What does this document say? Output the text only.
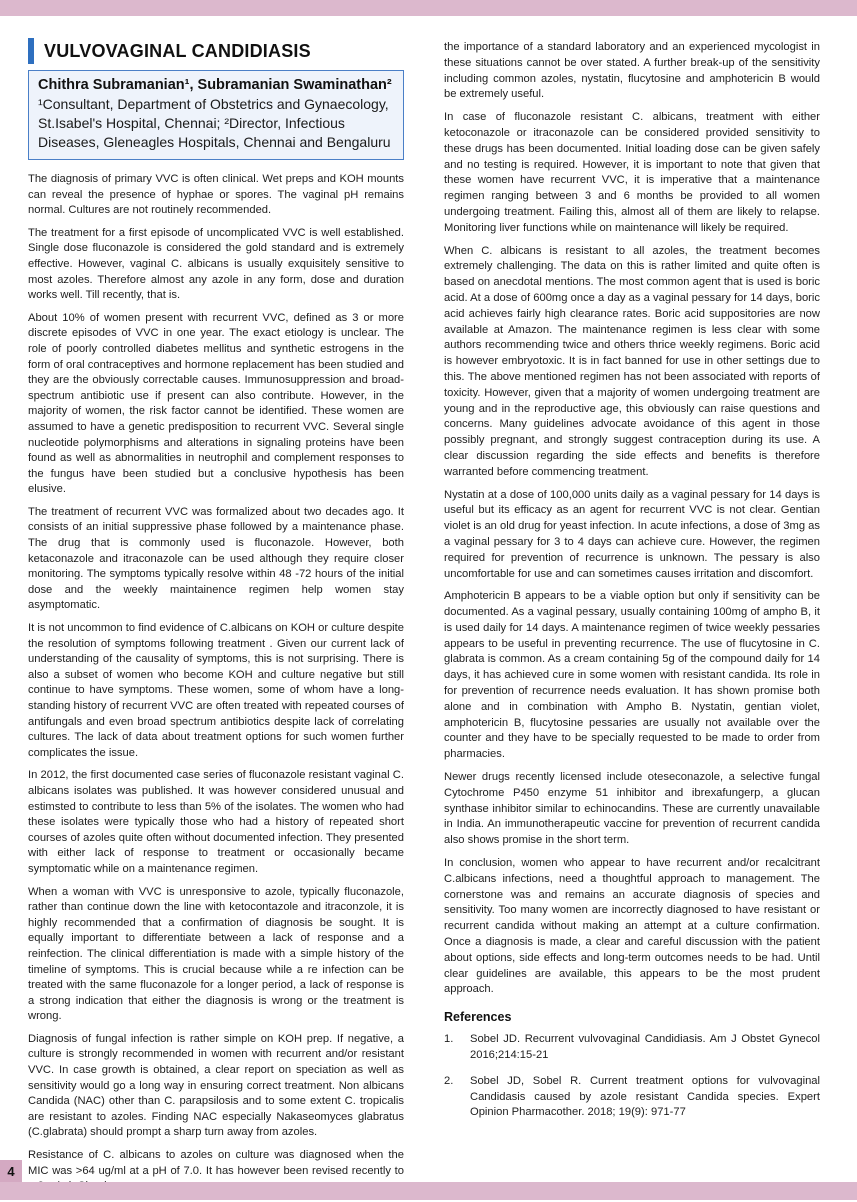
VULVOVAGINAL CANDIDIASIS
Chithra Subramanian¹, Subramanian Swaminathan²
¹Consultant, Department of Obstetrics and Gynaecology, St.Isabel's Hospital, Chennai; ²Director, Infectious Diseases, Gleneagles Hospitals, Chennai and Bengaluru

The diagnosis of primary VVC is often clinical. Wet preps and KOH mounts can reveal the presence of hyphae or spores. The vaginal pH remains normal. Cultures are not routinely recommended.

The treatment for a first episode of uncomplicated VVC is well established. Single dose fluconazole is considered the gold standard and is extremely effective. However, vaginal C. albicans is usually exquisitely sensitive to most azoles. Therefore almost any azole in any form, dose and duration works well. Till recently, that is.

About 10% of women present with recurrent VVC, defined as 3 or more discrete episodes of VVC in one year. The exact etiology is unclear. The role of poorly controlled diabetes mellitus and synthetic estrogens in the form of oral contraceptives and hormone replacement has been studied and they are the obviously correctable causes. Immunosuppression and broad- spectrum antibiotic use if present can also contribute. However, in the majority of women, the risk factor cannot be identified. These women are assumed to have a genetic predisposition to recurrent VVC. Several single nucleotide polymorphisms and alterations in signaling proteins have been found as well as abnormalities in neutrophil and complement responses to the fungus have been studied but a conclusive hypothesis has been elusive.

The treatment of recurrent VVC was formalized about two decades ago. It consists of an initial suppressive phase followed by a maintenance phase. The drug that is commonly used is fluconazole. However, both ketaconazole and itraconazole can be used although they require closer monitoring. The symptoms typically resolve within 48 -72 hours of the initial dose and the weekly maintainence regimen help women stay asymptomatic.

It is not uncommon to find evidence of C.albicans on KOH or culture despite the resolution of symptoms following treatment . Given our current lack of understanding of the causality of symptoms, this is not surprising. There is also a subset of women who become KOH and culture negative but still continue to have symptoms. These women, some of whom have a long-standing history of recurrent VVC are often treated with repeated courses of antifungals and even broad spectrum antibiotics despite lack of correlating cultures. The lack of data about treatment options for such women further complicates the issue.

In 2012, the first documented case series of fluconazole resistant vaginal C. albicans isolates was published. It was however considered unusual and estimsted to contribute to less than 5% of the isolates. The women who had these isolates were typically those who had a history of repeated short courses of azoles quite often without documented infection. They presented with either lack of response to treatment or occasionally became symptomatic while on a maintenance regimen.

When a woman with VVC is unresponsive to azole, typically fluconazole, rather than continue down the line with ketocontazole and itraconzole, it is highly recommended that a confirmation of diagnosis be sought. It is equally important to differentiate between a lack of response and a reinfection. The clinical differentiation is made with a simple history of the timeline of symptoms. This is crucial because while a re infection can be treated with the same fluconazole for a longer period, a lack of response is a strong indication that either the diagnosis is wrong or the treatment is wrong.

Diagnosis of fungal infection is rather simple on KOH prep. If negative, a culture is strongly recommended in women with recurrent and/or resistant VVC. In case growth is obtained, a clear report on speciation as well as sensitivity would go a long way in ensuring correct treatment. Non albicans Candida (NAC) other than C. parapsilosis and to some extent C. tropicalis are resistant to azoles. Finding NAC especially Nakaseomyces glabratus (C.glabrata) should prompt a sharp turn away from azoles.

Resistance of C. albicans to azoles on culture was diagnosed when the MIC was >64 ug/ml at a pH of 7.0. It has however been revised recently to

the importance of a standard laboratory and an experienced mycologist in these situations cannot be over stated. A further break-up of the sensitivity including common azoles, nystatin, flucytosine and amphotericin B would be extremely useful.

In case of fluconazole resistant C. albicans, treatment with either ketoconazole or itraconazole can be considered provided sensitivity to these drugs has been documented. Initial loading dose can be given safely and no testing is required. However, it is important to note that given that these women have recurrent VVC, it is imperative that a maintenance regimen ranging between 3 and 6 months be provided to all women undergoing treatment. Failing this, almost all of them are likely to relapse. Monitoring liver functions while on maintenance will likely be required.

When C. albicans is resistant to all azoles, the treatment becomes extremely challenging. The data on this is rather limited and quite often is based on anecdotal mentions. The most common agent that is used is boric acid. At a dose of 600mg once a day as a vaginal pessary for 14 days, boric acid achieves fairly high clearance rates. Boric acid suppositories are now available at Amazon. The maintenance regimen is less clear with some authors recommending twice and others thrice weekly regimens. Boric acid is however embryotoxic. It is in fact banned for use in other settings due to this. The above mentioned regimen has not been associated with reports of toxicity. However, given that a majority of women undergoing treatment are young and in the reproductive age, this obviously can raise questions and concerns. Many guidelines advocate avoidance of this agent in those possibly pregnant, and strongly suggest contraception during its use. A clear discussion regarding the side effects and benefits is therefore warranted before commencing treatment.

Nystatin at a dose of 100,000 units daily as a vaginal pessary for 14 days is useful but its efficacy as an agent for recurrent VVC is not clear. Gentian violet is an old drug for yeast infection. In acute infections, a dose of 3mg as a vaginal pessary for 3 to 4 days can achieve cure. However, the regimen required for prevention of recurrence is unknown. The pessary is also uncomfortable for use and can sometimes causes irritation and discomfort.

Amphotericin B appears to be a viable option but only if sensitivity can be documented. As a vaginal pessary, usually containing 100mg of ampho B, it is used daily for 14 days. A maintenance regimen of twice weekly pessaries appears to be useful in preventing recurrence. The use of flucytosine in C. glabrata is common. As a cream containing 5g of the compound daily for 14 days, it has achieved cure in some women with resistant candida. Its role in for prevention of recurrence needs evaluation. It has shown promise both alone and in combination with Ampho B. Nystatin, gentian violet, amphotericin B, flucytosine pessaries are usually not available over the counter and they have to be specially requested to be made to order from pharmacies.

Newer drugs recently licensed include oteseconazole, a selective fungal Cytochrome P450 enzyme 51 inhibitor and ibrexafungerp, a glucan synthase inhibitor similar to echinocandins. These are currently unavailable in India. An immunotherapeutic vaccine for prevention of recurrent candida also shows promise in the short term.

In conclusion, women who appear to have recurrent and/or recalcitrant C.albicans infections, need a thoughtful approach to management. The cornerstone was and remains an accurate diagnosis of species and sensitivity. Too many women are incorrectly diagnosed to have resistant or recurrent candida without making an attempt at a culture confirmation. Once a diagnosis is made, a clear and careful discussion with the patient about options, side effects and long-term outcomes needs to be had. Until clear guidelines are available, this appears to be the most prudent approach.

References
1.	Sobel JD. Recurrent vulvovaginal Candidiasis. Am J Obstet Gynecol 2016;214:15-21
2.	Sobel JD, Sobel R. Current treatment options for vulvovaginal Candidasis caused by azole resistant Candida species. Expert Opinion Pharmacother. 2018; 19(9): 971-77
4
